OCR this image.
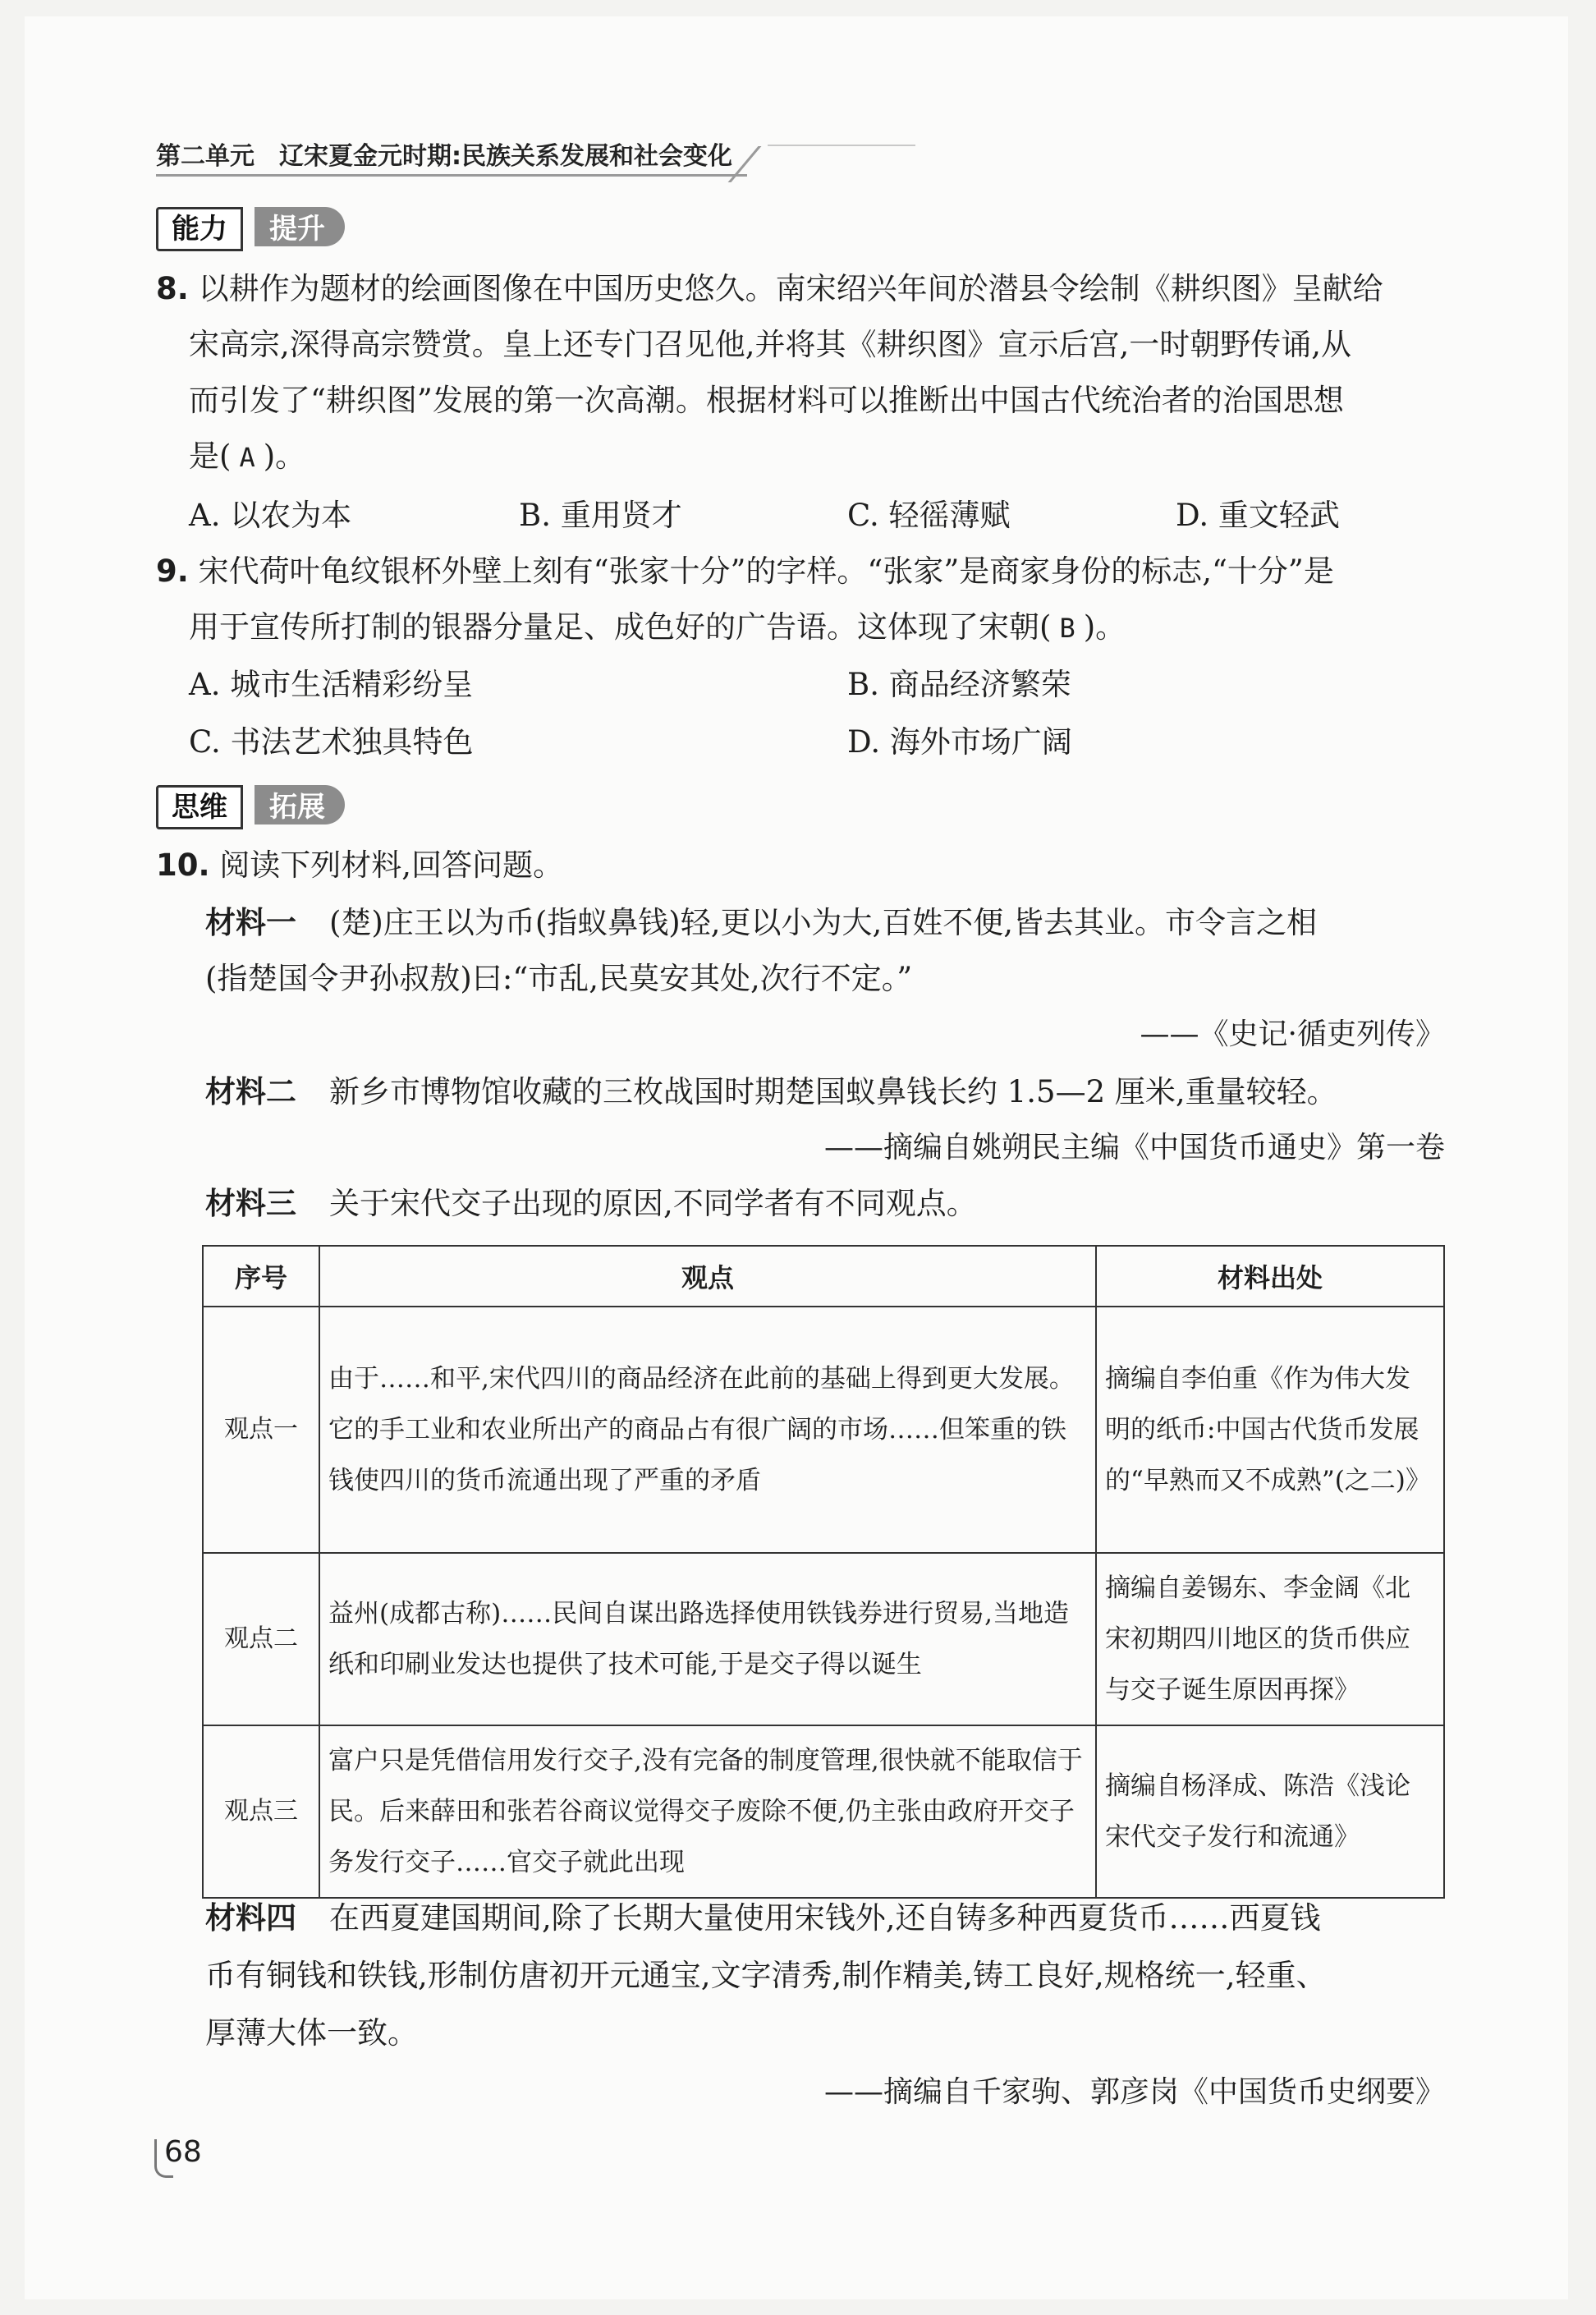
第二单元 辽宋夏金元时期:民族关系发展和社会变化
能力	提升
8. 以耕作为题材的绘画图像在中国历史悠久。南宋绍兴年间於潜县令绘制《耕织图》呈献给
宋高宗,深得高宗赞赏。皇上还专门召见他,并将其《耕织图》宣示后宫,一时朝野传诵,从
而引发了“耕织图”发展的第一次高潮。根据材料可以推断出中国古代统治者的治国思想
是( A )。
A. 以农为本	B. 重用贤才	C. 轻徭薄赋	D. 重文轻武
9. 宋代荷叶龟纹银杯外壁上刻有“张家十分”的字样。“张家”是商家身份的标志,“十分”是
用于宣传所打制的银器分量足、成色好的广告语。这体现了宋朝( B )。
A. 城市生活精彩纷呈	B. 商品经济繁荣
C. 书法艺术独具特色	D. 海外市场广阔
思维	拓展
10. 阅读下列材料,回答问题。
材料一 (楚)庄王以为币(指蚁鼻钱)轻,更以小为大,百姓不便,皆去其业。市令言之相
(指楚国令尹孙叔敖)曰:“市乱,民莫安其处,次行不定。”
——《史记·循吏列传》
材料二 新乡市博物馆收藏的三枚战国时期楚国蚁鼻钱长约 1.5—2 厘米,重量较轻。
——摘编自姚朔民主编《中国货币通史》第一卷
材料三 关于宋代交子出现的原因,不同学者有不同观点。
序号	观点	材料出处
观点一	由于……和平,宋代四川的商品经济在此前的基础上得到更大发展。它的手工业和农业所出产的商品占有很广阔的市场……但笨重的铁钱使四川的货币流通出现了严重的矛盾	摘编自李伯重《作为伟大发明的纸币:中国古代货币发展的“早熟而又不成熟”(之二)》
观点二	益州(成都古称)……民间自谋出路选择使用铁钱券进行贸易,当地造纸和印刷业发达也提供了技术可能,于是交子得以诞生	摘编自姜锡东、李金阔《北宋初期四川地区的货币供应与交子诞生原因再探》
观点三	富户只是凭借信用发行交子,没有完备的制度管理,很快就不能取信于民。后来薛田和张若谷商议觉得交子废除不便,仍主张由政府开交子务发行交子……官交子就此出现	摘编自杨泽成、陈浩《浅论宋代交子发行和流通》
材料四 在西夏建国期间,除了长期大量使用宋钱外,还自铸多种西夏货币……西夏钱
币有铜钱和铁钱,形制仿唐初开元通宝,文字清秀,制作精美,铸工良好,规格统一,轻重、
厚薄大体一致。
——摘编自千家驹、郭彦岗《中国货币史纲要》
68
